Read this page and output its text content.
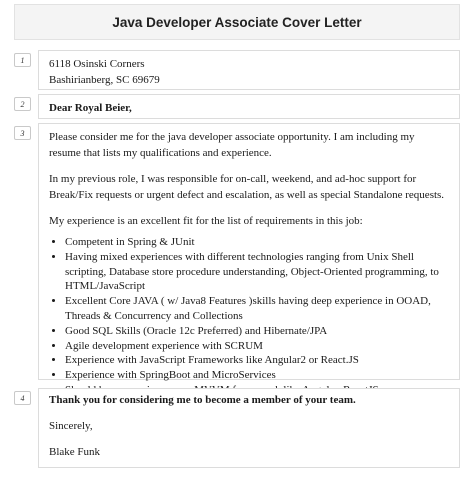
Java Developer Associate Cover Letter
1	6118 Osinski Corners

Bashirianberg, SC 69679

2	Dear Royal Beier,

3	Please consider me for the java developer associate opportunity. I am including my resume that lists my qualifications and experience.

In my previous role, I was responsible for on-call, weekend, and ad-hoc support for Break/Fix requests or urgent defect and escalation, as well as special Standalone requests.

My experience is an excellent fit for the list of requirements in this job:

• Competent in Spring & JUnit
• Having mixed experiences with different technologies ranging from Unix Shell scripting, Database store procedure understanding, Object-Oriented programming, to HTML/JavaScript
• Excellent Core JAVA ( w/ Java8 Features )skills having deep experience in OOAD, Threads & Concurrency and Collections
• Good SQL Skills (Oracle 12c Preferred) and Hibernate/JPA
• Agile development experience with SCRUM
• Experience with JavaScript Frameworks like Angular2 or React.JS
• Experience with SpringBoot and MicroServices
•
4	Thank you for considering me to become a member of your team.

Sincerely,

Blake Funk
